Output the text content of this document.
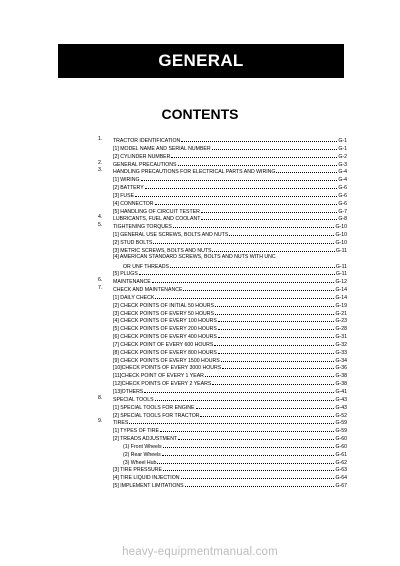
GENERAL
CONTENTS
1.	TRACTOR IDENTIFICATION	G-1
[1] MODEL NAME AND SERIAL NUMBER	G-1
[2] CYLINDER NUMBER	G-2
2.	GENERAL PRECAUTIONS	G-3
3.	HANDLING PRECAUTIONS FOR ELECTRICAL PARTS AND WIRING	G-4
[1] WIRING	G-4
[2] BATTERY	G-6
[3] FUSE	G-6
[4] CONNECTOR	G-6
[5] HANDLING OF CIRCUIT TESTER	G-7
4.	LUBRICANTS, FUEL AND COOLANT	G-8
5.	TIGHTENING TORQUES	G-10
[1] GENERAL USE SCREWS, BOLTS AND NUTS	G-10
[2] STUD BOLTS	G-10
[3] METRIC SCREWS, BOLTS AND NUTS	G-11
[4] AMERICAN STANDARD SCREWS, BOLTS AND NUTS WITH UNC
OR UNF THREADS	G-11
[5] PLUGS	G-11
6.	MAINTENANCE	G-12
7.	CHECK AND MAINTENANCE	G-14
[1] DAILY CHECK	G-14
[2] CHECK POINTS OF INITIAL 50 HOURS	G-19
[3] CHECK POINTS OF EVERY 50 HOURS	G-21
[4] CHECK POINTS OF EVERY 100 HOURS	G-23
[5] CHECK POINTS OF EVERY 200 HOURS	G-28
[6] CHECK POINTS OF EVERY 400 HOURS	G-31
[7] CHECK POINT OF EVERY 600 HOURS	G-32
[8] CHECK POINTS OF EVERY 800 HOURS	G-33
[9] CHECK POINTS OF EVERY 1500 HOURS	G-34
[10]CHECK POINTS OF EVERY 3000 HOURS	G-36
[11]CHECK POINT OF EVERY 1 YEAR	G-38
[12]CHECK POINTS OF EVERY 2 YEARS	G-38
[13]OTHERS	G-41
8.	SPECIAL TOOLS	G-43
[1] SPECIAL TOOLS FOR ENGINE	G-43
[2] SPECIAL TOOLS FOR TRACTOR	G-52
9.	TIRES	G-59
[1] TYPES OF TIRE	G-59
[2] TREADS ADJUSTMENT	G-60
(1) Front Wheels	G-60
(2) Rear Wheels	G-61
(3) Wheel Hub	G-62
[3] TIRE PRESSURE	G-63
[4] TIRE LIQUID INJECTION	G-64
[5] IMPLEMENT LIMITATIONS	G-67
heavy-equipmentmanual.com
